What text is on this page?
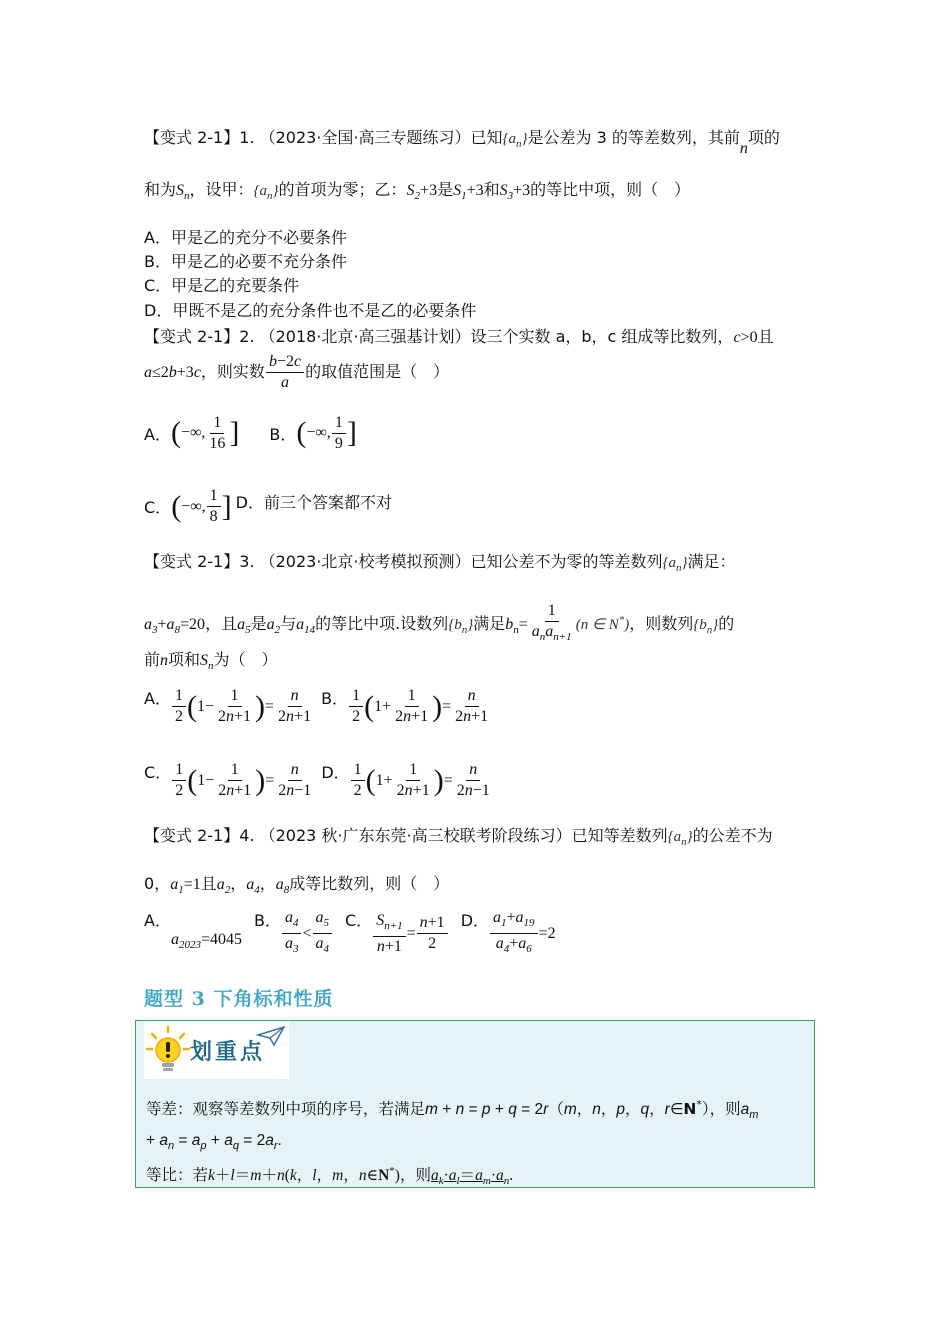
【变式 2-1】1. （2023·全国·高三专题练习）已知$\{a_n\}$是公差为 3 的等差数列，其前n项的
和为$S_n$，设甲：$\{a_n\}$的首项为零；乙：$S_2+3$是$S_1+3$和$S_3+3$的等比中项，则（　）
A．甲是乙的充分不必要条件
B．甲是乙的必要不充分条件
C．甲是乙的充要条件
D．甲既不是乙的充分条件也不是乙的必要条件
【变式 2-1】2. （2018·北京·高三强基计划）设三个实数 a，b，c 组成等比数列，c>0且
a≤2b+3c，则实数 $\frac{b-2c}{a}$ 的取值范围是（　）
A． ( −∞, $\frac{1}{16}$ ] B． ( −∞, $\frac{1}{9}$ ]
C． ( −∞, $\frac{1}{8}$ ] D．前三个答案都不对
【变式 2-1】3. （2023·北京·校考模拟预测）已知公差不为零的等差数列$\{a_n\}$满足：
$a_3+a_8=20$，且$a_5$是$a_2$与$a_{14}$的等比中项.设数列$\{b_n\}$满足$b_n= \frac{1}{a_na_{n+1}} (n$ ∈ N*)，则数列$\{b_n\}$的
前n项和$S_n$为（　）
A． $\frac{1}{2}$ ( $1- \frac{1}{2n+1}$ ) = $\frac{n}{2n+1}$ B． $\frac{1}{2}$ ( $1+ \frac{1}{2n+1}$ ) = $\frac{n}{2n+1}$
C． $\frac{1}{2}$ ( $1- \frac{1}{2n+1}$ ) = $\frac{n}{2n-1}$ D． $\frac{1}{2}$ ( $1+ \frac{1}{2n+1}$ ) = $\frac{n}{2n-1}$
【变式 2-1】4. （2023 秋·广东东莞·高三校联考阶段练习）已知等差数列$\{a_n\}$的公差不为
0，$a_1=1$且$a_2$，$a_4$，$a_8$成等比数列，则（　）
A．
$a_{2023}=4045$
B． $\frac{a_4}{a_3} < \frac{a_5}{a_4}$ C． $\frac{S_{n+1}}{n+1} = \frac{n+1}{2}$ D． $\frac{a_1+a_{19}}{a_4+a_6} =2$
题型 3 下角标和性质
划重点
等差：观察等差数列中项的序号，若满足m + n = p + q = 2r（m，n，p，q，r∈N*），则$a_m$
+ $a_n = a_p + a_q = 2a_r$.
等比：若k＋l＝m＋n(k，l，m，n∈N*)，则$a_k\cdot a_l=a_m\cdot a_n$.
